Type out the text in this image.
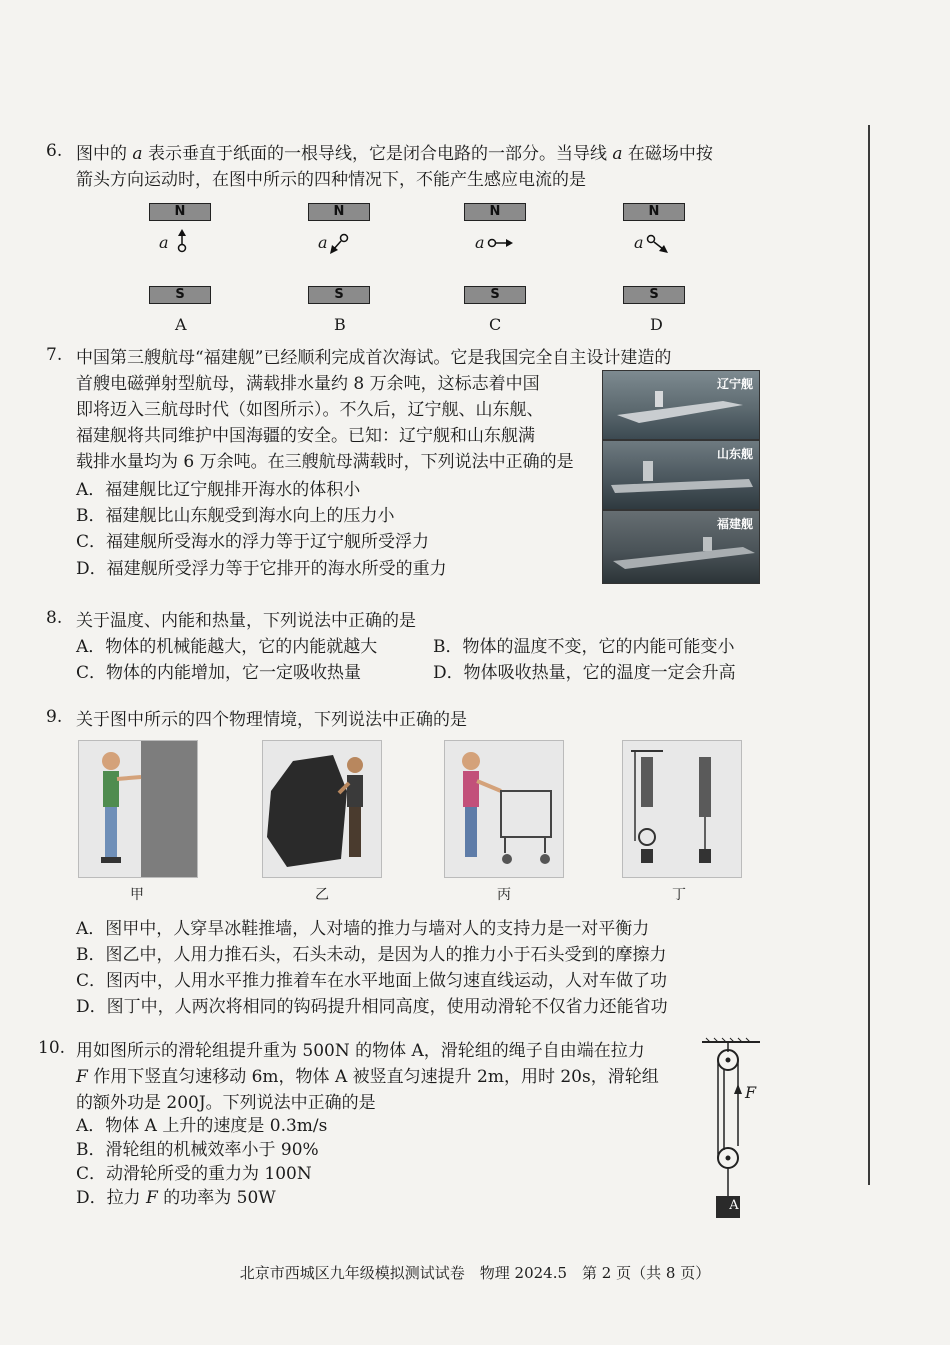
6. 图中的 a 表示垂直于纸面的一根导线，它是闭合电路的一部分。当导线 a 在磁场中按
箭头方向运动时，在图中所示的四种情况下，不能产生感应电流的是
N
a
S
A
N
a
S
B
N
a
S
C
N
a
S
D
7. 中国第三艘航母“福建舰”已经顺利完成首次海试。它是我国完全自主设计建造的
首艘电磁弹射型航母，满载排水量约 8 万余吨，这标志着中国
即将迈入三航母时代（如图所示）。不久后，辽宁舰、山东舰、
福建舰将共同维护中国海疆的安全。已知：辽宁舰和山东舰满
载排水量均为 6 万余吨。在三艘航母满载时，下列说法中正确的是
A．福建舰比辽宁舰排开海水的体积小
B．福建舰比山东舰受到海水向上的压力小
C．福建舰所受海水的浮力等于辽宁舰所受浮力
D．福建舰所受浮力等于它排开的海水所受的重力
辽宁舰
山东舰
福建舰
8. 关于温度、内能和热量，下列说法中正确的是
A．物体的机械能越大，它的内能就越大	B．物体的温度不变，它的内能可能变小
C．物体的内能增加，它一定吸收热量	D．物体吸收热量，它的温度一定会升高
9. 关于图中所示的四个物理情境，下列说法中正确的是
甲	乙	丙	丁
A．图甲中，人穿旱冰鞋推墙，人对墙的推力与墙对人的支持力是一对平衡力
B．图乙中，人用力推石头，石头未动，是因为人的推力小于石头受到的摩擦力
C．图丙中，人用水平推力推着车在水平地面上做匀速直线运动，人对车做了功
D．图丁中，人两次将相同的钩码提升相同高度，使用动滑轮不仅省力还能省功
10. 用如图所示的滑轮组提升重为 500N 的物体 A，滑轮组的绳子自由端在拉力
F 作用下竖直匀速移动 6m，物体 A 被竖直匀速提升 2m，用时 20s，滑轮组
的额外功是 200J。下列说法中正确的是
A．物体 A 上升的速度是 0.3m/s
B．滑轮组的机械效率小于 90%
C．动滑轮所受的重力为 100N
D．拉力 F 的功率为 50W
F
A
北京市西城区九年级模拟测试试卷　物理 2024.5　第 2 页（共 8 页）
